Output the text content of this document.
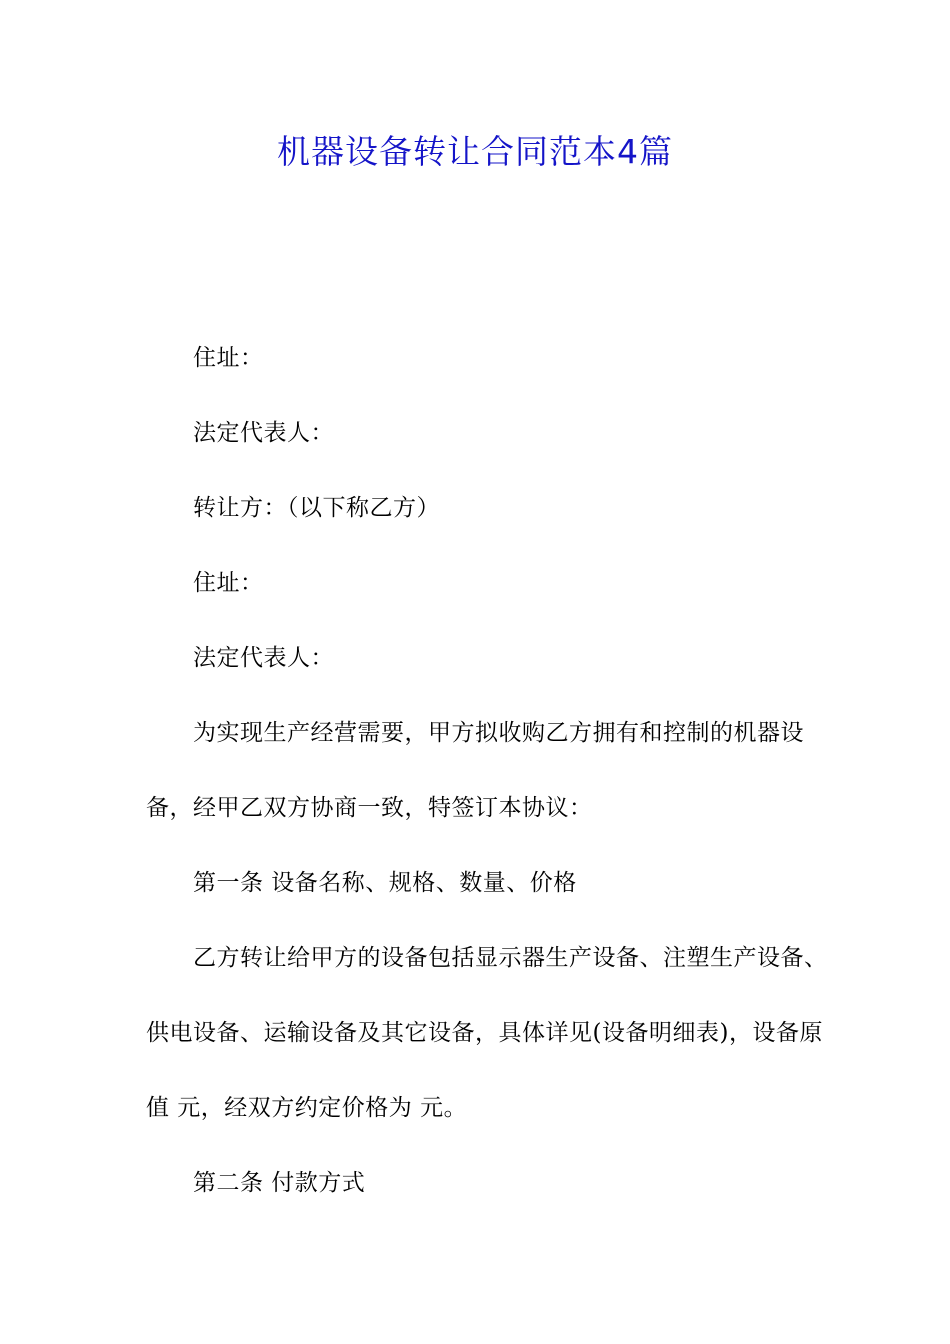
机器设备转让合同范本4篇

住址：

法定代表人：

转让方：（以下称乙方）

住址：

法定代表人：

为实现生产经营需要，甲方拟收购乙方拥有和控制的机器设备，经甲乙双方协商一致，特签订本协议：

第一条 设备名称、规格、数量、价格

乙方转让给甲方的设备包括显示器生产设备、注塑生产设备、供电设备、运输设备及其它设备，具体详见(设备明细表)，设备原值 元，经双方约定价格为 元。

第二条 付款方式
